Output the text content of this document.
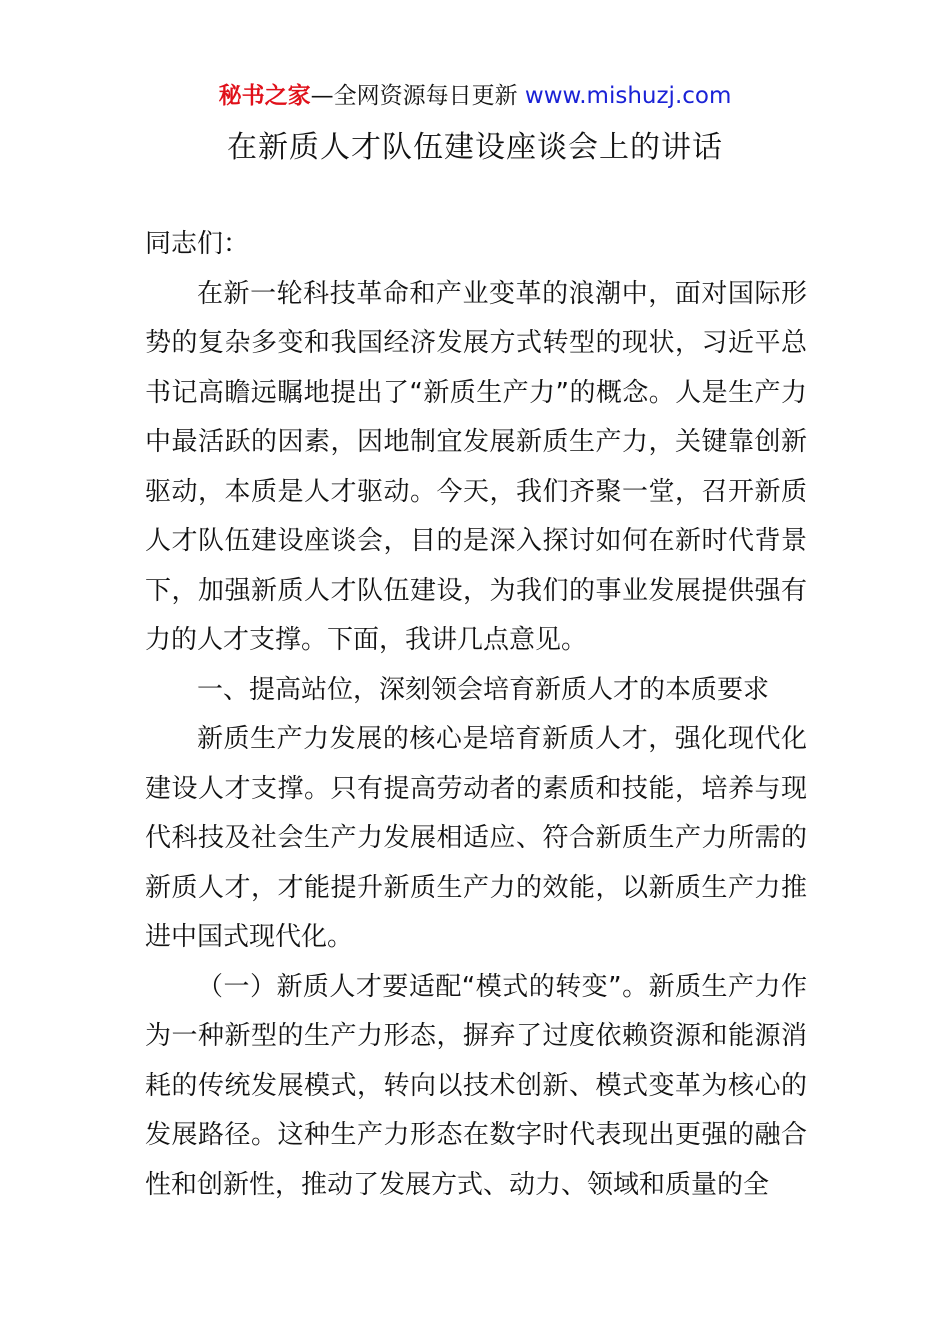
秘书之家—全网资源每日更新 www.mishuzj.com
在新质人才队伍建设座谈会上的讲话

同志们：

在新一轮科技革命和产业变革的浪潮中，面对国际形势的复杂多变和我国经济发展方式转型的现状，习近平总书记高瞻远瞩地提出了“新质生产力”的概念。人是生产力中最活跃的因素，因地制宜发展新质生产力，关键靠创新驱动，本质是人才驱动。今天，我们齐聚一堂，召开新质人才队伍建设座谈会，目的是深入探讨如何在新时代背景下，加强新质人才队伍建设，为我们的事业发展提供强有力的人才支撑。下面，我讲几点意见。

一、提高站位，深刻领会培育新质人才的本质要求

新质生产力发展的核心是培育新质人才，强化现代化建设人才支撑。只有提高劳动者的素质和技能，培养与现代科技及社会生产力发展相适应、符合新质生产力所需的新质人才，才能提升新质生产力的效能，以新质生产力推进中国式现代化。

（一）新质人才要适配“模式的转变”。新质生产力作为一种新型的生产力形态，摒弃了过度依赖资源和能源消耗的传统发展模式，转向以技术创新、模式变革为核心的发展路径。这种生产力形态在数字时代表现出更强的融合性和创新性，推动了发展方式、动力、领域和质量的全
